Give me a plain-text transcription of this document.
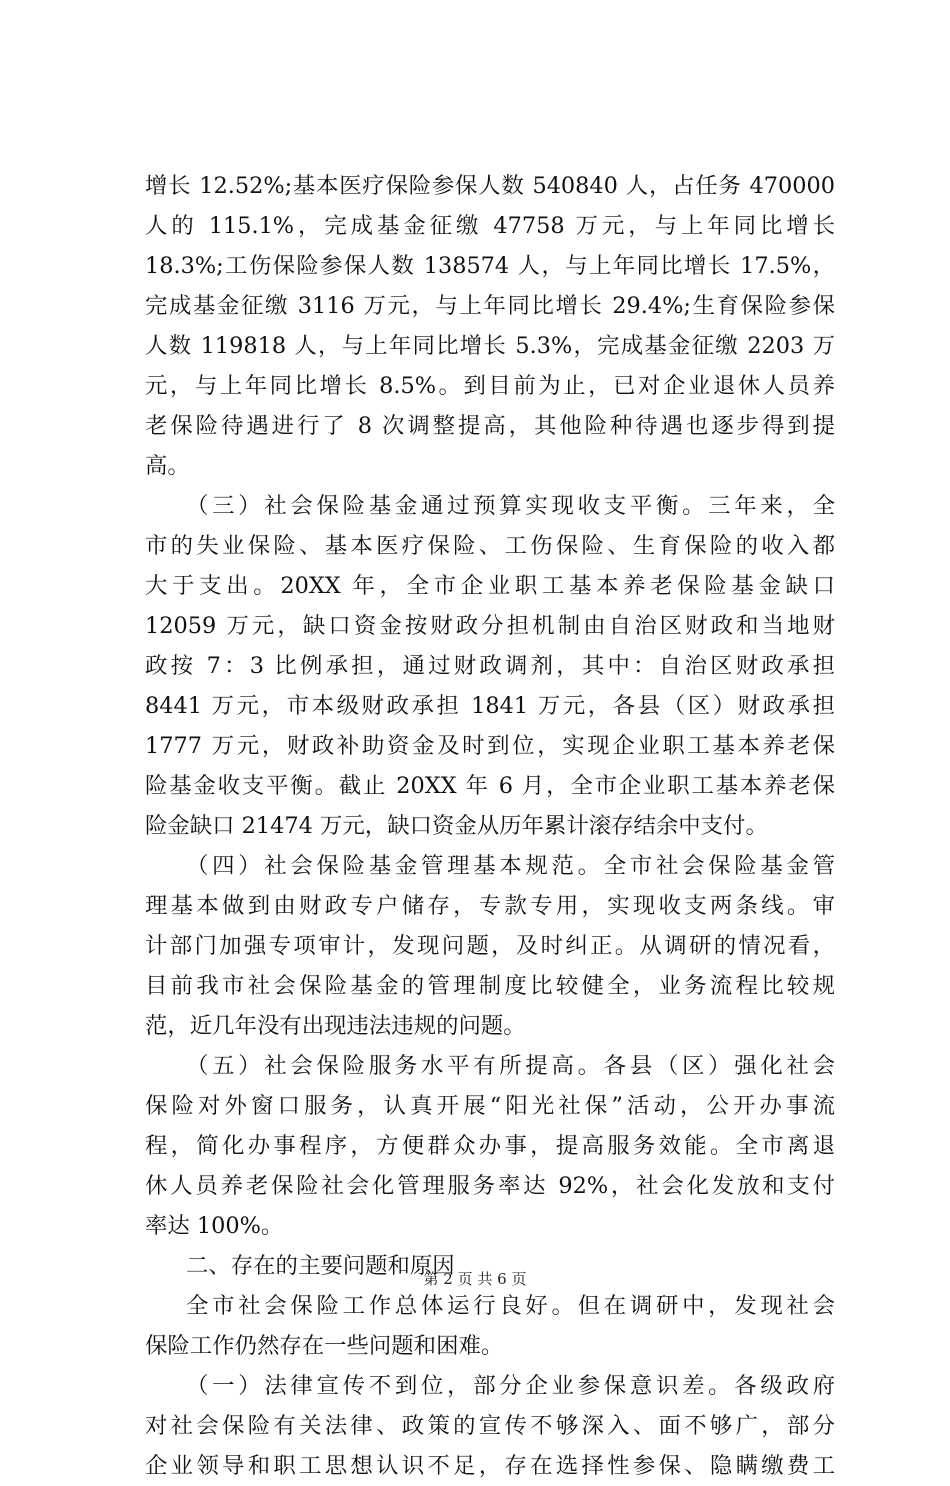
增长 12.52%;基本医疗保险参保人数 540840 人，占任务 470000
人的 115.1%，完成基金征缴 47758 万元，与上年同比增长
18.3%;工伤保险参保人数 138574 人，与上年同比增长 17.5%，
完成基金征缴 3116 万元，与上年同比增长 29.4%;生育保险参保
人数 119818 人，与上年同比增长 5.3%，完成基金征缴 2203 万
元，与上年同比增长 8.5%。到目前为止，已对企业退休人员养
老保险待遇进行了 8 次调整提高，其他险种待遇也逐步得到提
高。
（三）社会保险基金通过预算实现收支平衡。三年来，全
市的失业保险、基本医疗保险、工伤保险、生育保险的收入都
大于支出。20XX 年，全市企业职工基本养老保险基金缺口
12059 万元，缺口资金按财政分担机制由自治区财政和当地财
政按 7：3 比例承担，通过财政调剂，其中：自治区财政承担
8441 万元，市本级财政承担 1841 万元，各县（区）财政承担
1777 万元，财政补助资金及时到位，实现企业职工基本养老保
险基金收支平衡。截止 20XX 年 6 月，全市企业职工基本养老保
险金缺口 21474 万元，缺口资金从历年累计滚存结余中支付。
（四）社会保险基金管理基本规范。全市社会保险基金管
理基本做到由财政专户储存，专款专用，实现收支两条线。审
计部门加强专项审计，发现问题，及时纠正。从调研的情况看，
目前我市社会保险基金的管理制度比较健全，业务流程比较规
范，近几年没有出现违法违规的问题。
（五）社会保险服务水平有所提高。各县（区）强化社会
保险对外窗口服务，认真开展“阳光社保”活动，公开办事流
程，简化办事程序，方便群众办事，提高服务效能。全市离退
休人员养老保险社会化管理服务率达 92%，社会化发放和支付
率达 100%。
二、存在的主要问题和原因
全市社会保险工作总体运行良好。但在调研中，发现社会
保险工作仍然存在一些问题和困难。
（一）法律宣传不到位，部分企业参保意识差。各级政府
对社会保险有关法律、政策的宣传不够深入、面不够广，部分
企业领导和职工思想认识不足，存在选择性参保、隐瞒缴费工
第 2 页 共 6 页
